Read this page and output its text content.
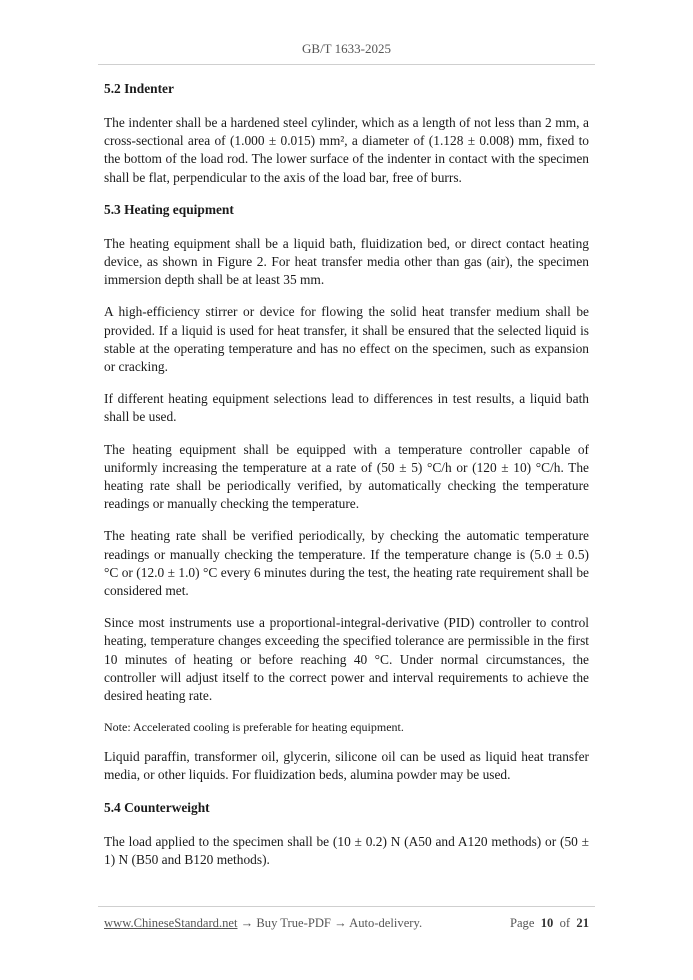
GB/T 1633-2025
5.2 Indenter

The indenter shall be a hardened steel cylinder, which as a length of not less than 2 mm, a cross-sectional area of (1.000 ± 0.015) mm², a diameter of (1.128 ± 0.008) mm, fixed to the bottom of the load rod. The lower surface of the indenter in contact with the specimen shall be flat, perpendicular to the axis of the load bar, free of burrs.

5.3 Heating equipment

The heating equipment shall be a liquid bath, fluidization bed, or direct contact heating device, as shown in Figure 2. For heat transfer media other than gas (air), the specimen immersion depth shall be at least 35 mm.

A high-efficiency stirrer or device for flowing the solid heat transfer medium shall be provided. If a liquid is used for heat transfer, it shall be ensured that the selected liquid is stable at the operating temperature and has no effect on the specimen, such as expansion or cracking.

If different heating equipment selections lead to differences in test results, a liquid bath shall be used.

The heating equipment shall be equipped with a temperature controller capable of uniformly increasing the temperature at a rate of (50 ± 5) °C/h or (120 ± 10) °C/h. The heating rate shall be periodically verified, by automatically checking the temperature readings or manually checking the temperature.

The heating rate shall be verified periodically, by checking the automatic temperature readings or manually checking the temperature. If the temperature change is (5.0 ± 0.5) °C or (12.0 ± 1.0) °C every 6 minutes during the test, the heating rate requirement shall be considered met.

Since most instruments use a proportional-integral-derivative (PID) controller to control heating, temperature changes exceeding the specified tolerance are permissible in the first 10 minutes of heating or before reaching 40 °C. Under normal circumstances, the controller will adjust itself to the correct power and interval requirements to achieve the desired heating rate.

Note: Accelerated cooling is preferable for heating equipment.

Liquid paraffin, transformer oil, glycerin, silicone oil can be used as liquid heat transfer media, or other liquids. For fluidization beds, alumina powder may be used.

5.4 Counterweight

The load applied to the specimen shall be (10 ± 0.2) N (A50 and A120 methods) or (50 ± 1) N (B50 and B120 methods).

www.ChineseStandard.net → Buy True-PDF → Auto-delivery.	Page 10 of 21
